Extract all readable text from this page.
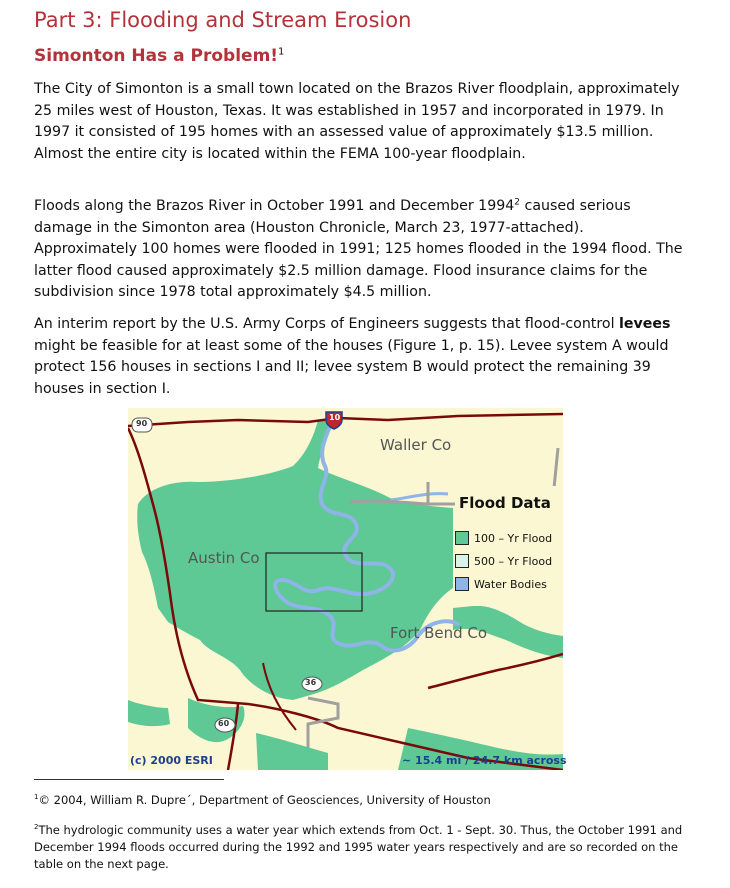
Part 3: Flooding and Stream Erosion
Simonton Has a Problem!$^1$

The City of Simonton is a small town located on the Brazos River floodplain, approximately 25 miles west of Houston, Texas. It was established in 1957 and incorporated in 1979. In 1997 it consisted of 195 homes with an assessed value of approximately $13.5 million. Almost the entire city is located within the FEMA 100-year floodplain.

Floods along the Brazos River in October 1991 and December 1994$^2$ caused serious damage in the Simonton area (Houston Chronicle, March 23, 1977-attached). Approximately 100 homes were flooded in 1991; 125 homes flooded in the 1994 flood. The latter flood caused approximately $2.5 million damage. Flood insurance claims for the subdivision since 1978 total approximately $4.5 million.

An interim report by the U.S. Army Corps of Engineers suggests that flood-control levees might be feasible for at least some of the houses (Figure 1, p. 15). Levee system A would protect 156 houses in sections I and II; levee system B would protect the remaining 39 houses in section I.

90
10
36
60
Waller Co
Austin Co
Fort Bend Co
Flood Data
100 – Yr Flood
500 – Yr Flood
Water Bodies
(c) 2000 ESRI	~ 15.4 mi / 24.7 km across

$^1$© 2004, William R. Dupre´, Department of Geosciences, University of Houston

$^2$The hydrologic community uses a water year which extends from Oct. 1 - Sept. 30. Thus, the October 1991 and December 1994 floods occurred during the 1992 and 1995 water years respectively and are so recorded on the table on the next page.
